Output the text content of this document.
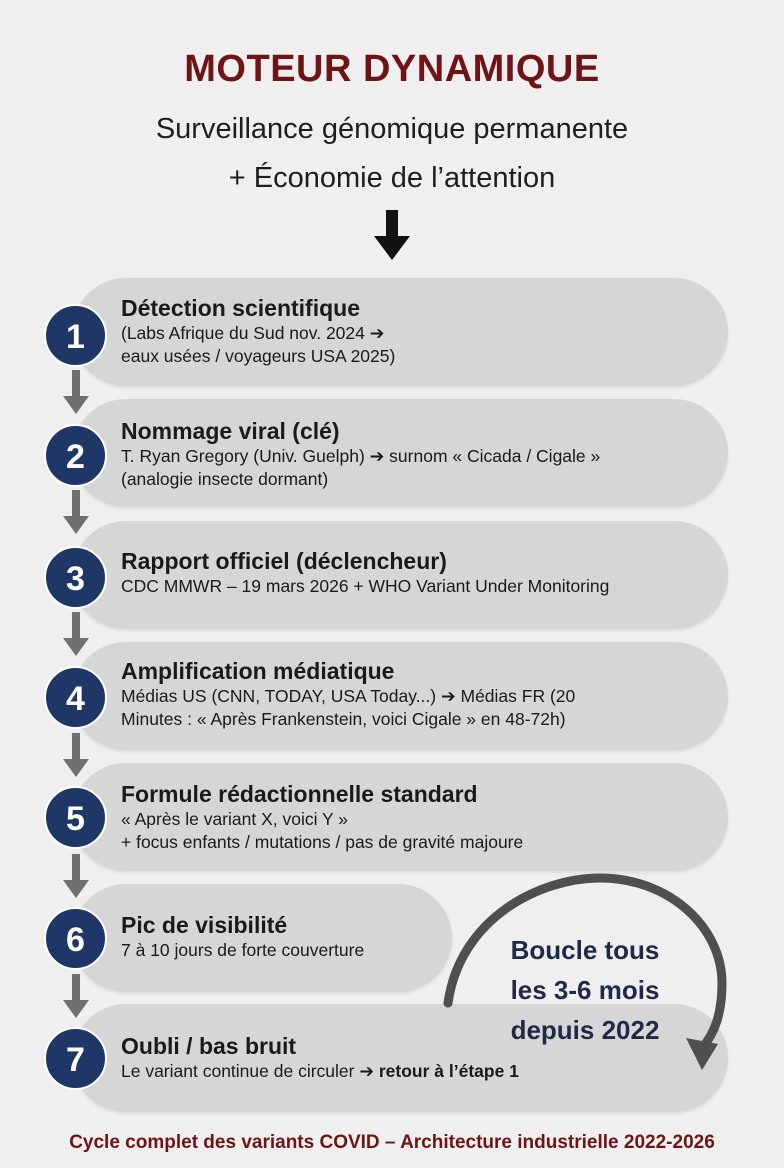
MOTEUR DYNAMIQUE
Surveillance génomique permanente
+ Économie de l’attention
1
Détection scientifique
(Labs Afrique du Sud nov. 2024 ➔
eaux usées / voyageurs USA 2025)
2
Nommage viral (clé)
T. Ryan Gregory (Univ. Guelph) ➔ surnom « Cicada / Cigale »
(analogie insecte dormant)
3	Rapport officiel (déclencheur)
CDC MMWR – 19 mars 2026 + WHO Variant Under Monitoring
4
Amplification médiatique
Médias US (CNN, TODAY, USA Today...) ➔ Médias FR (20
Minutes : « Après Frankenstein, voici Cigale » en 48-72h)
5
Formule rédactionnelle standard
« Après le variant X, voici Y »
+ focus enfants / mutations / pas de gravité majoure
6	Pic de visibilité
7 à 10 jours de forte couverture
7	Oubli / bas bruit
Le variant continue de circuler ➔ retour à l’étape 1
Boucle tous
les 3-6 mois
depuis 2022
Cycle complet des variants COVID – Architecture industrielle 2022-2026
